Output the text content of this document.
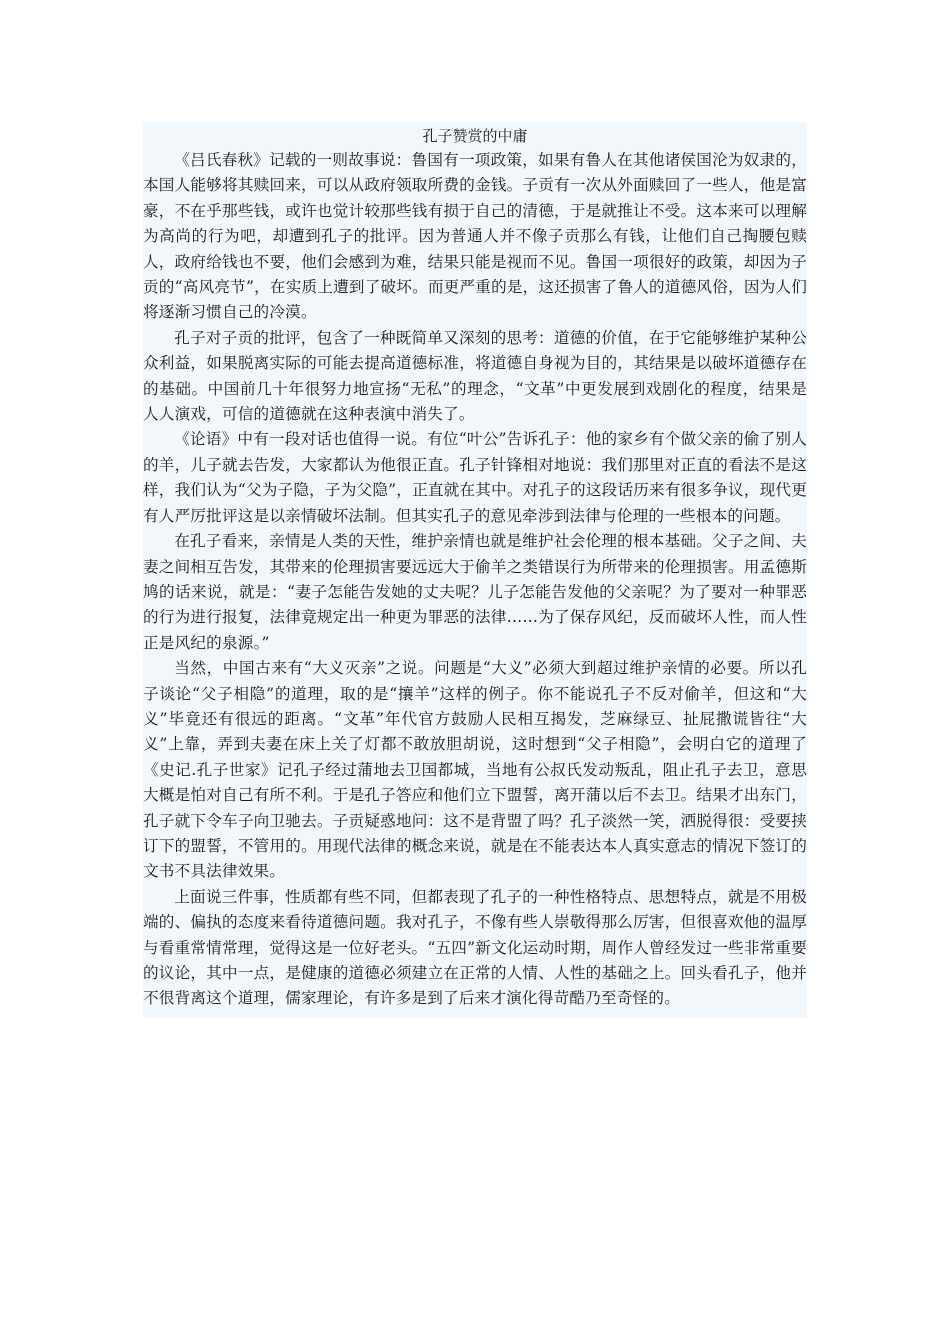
孔子赞赏的中庸

《吕氏春秋》记载的一则故事说：鲁国有一项政策，如果有鲁人在其他诸侯国沦为奴隶的，本国人能够将其赎回来，可以从政府领取所费的金钱。子贡有一次从外面赎回了一些人，他是富豪，不在乎那些钱，或许也觉计较那些钱有损于自己的清德，于是就推让不受。这本来可以理解为高尚的行为吧，却遭到孔子的批评。因为普通人并不像子贡那么有钱，让他们自己掏腰包赎人，政府给钱也不要，他们会感到为难，结果只能是视而不见。鲁国一项很好的政策，却因为子贡的“高风亮节”，在实质上遭到了破坏。而更严重的是，这还损害了鲁人的道德风俗，因为人们将逐渐习惯自己的冷漠。

孔子对子贡的批评，包含了一种既简单又深刻的思考：道德的价值，在于它能够维护某种公众利益，如果脱离实际的可能去提高道德标准，将道德自身视为目的，其结果是以破坏道德存在的基础。中国前几十年很努力地宣扬“无私”的理念，“文革”中更发展到戏剧化的程度，结果是人人演戏，可信的道德就在这种表演中消失了。

《论语》中有一段对话也值得一说。有位“叶公”告诉孔子：他的家乡有个做父亲的偷了别人的羊，儿子就去告发，大家都认为他很正直。孔子针锋相对地说：我们那里对正直的看法不是这样，我们认为“父为子隐，子为父隐”，正直就在其中。对孔子的这段话历来有很多争议，现代更有人严厉批评这是以亲情破坏法制。但其实孔子的意见牵涉到法律与伦理的一些根本的问题。

在孔子看来，亲情是人类的天性，维护亲情也就是维护社会伦理的根本基础。父子之间、夫妻之间相互告发，其带来的伦理损害要远远大于偷羊之类错误行为所带来的伦理损害。用孟德斯鸠的话来说，就是：“妻子怎能告发她的丈夫呢？儿子怎能告发他的父亲呢？为了要对一种罪恶的行为进行报复，法律竟规定出一种更为罪恶的法律……为了保存风纪，反而破坏人性，而人性正是风纪的泉源。”

当然，中国古来有“大义灭亲”之说。问题是“大义”必须大到超过维护亲情的必要。所以孔子谈论“父子相隐”的道理，取的是“攘羊”这样的例子。你不能说孔子不反对偷羊，但这和“大义”毕竟还有很远的距离。“文革”年代官方鼓励人民相互揭发，芝麻绿豆、扯屁撒谎皆往“大义”上靠，弄到夫妻在床上关了灯都不敢放胆胡说，这时想到“父子相隐”，会明白它的道理了《史记.孔子世家》记孔子经过蒲地去卫国都城，当地有公叔氏发动叛乱，阻止孔子去卫，意思大概是怕对自己有所不利。于是孔子答应和他们立下盟誓，离开蒲以后不去卫。结果才出东门，孔子就下令车子向卫驰去。子贡疑惑地问：这不是背盟了吗？孔子淡然一笑，洒脱得很：受要挟订下的盟誓，不管用的。用现代法律的概念来说，就是在不能表达本人真实意志的情况下签订的文书不具法律效果。

上面说三件事，性质都有些不同，但都表现了孔子的一种性格特点、思想特点，就是不用极端的、偏执的态度来看待道德问题。我对孔子，不像有些人崇敬得那么厉害，但很喜欢他的温厚与看重常情常理，觉得这是一位好老头。“五四”新文化运动时期，周作人曾经发过一些非常重要的议论，其中一点，是健康的道德必须建立在正常的人情、人性的基础之上。回头看孔子，他并不很背离这个道理，儒家理论，有许多是到了后来才演化得苛酷乃至奇怪的。
